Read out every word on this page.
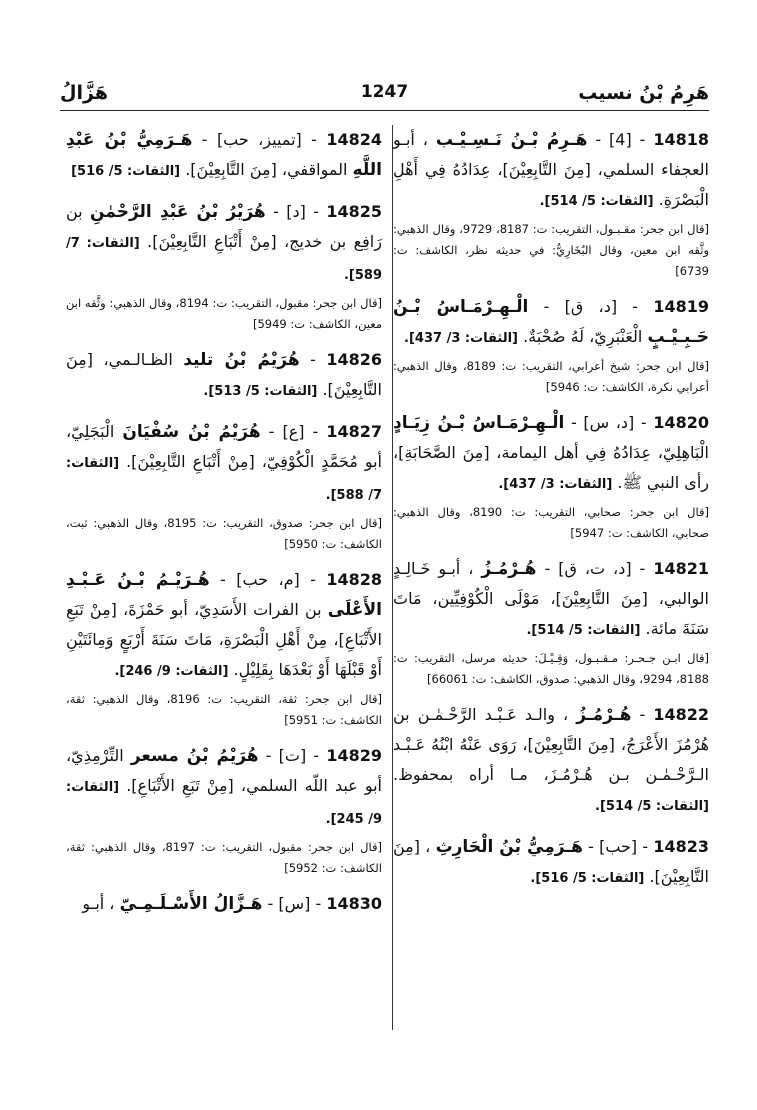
هَرِمُ بْنُ نسيب
1247
هَزَّالُ
14818 - [4] - هَـرِمُ بْـنُ نَـسِـيْـب ، أبـو العجفاء السلمي، [مِنَ التَّابِعِيْنَ]، عِدَادُهُ فِي أَهْلِ الْبَصْرَةِ. [الثقات: 5/ 514].
[قال ابن جحر: مقـبـول، التقريب: ت: 8187، 9729، وقال الذهبي: وثَّقه ابن معين، وقال البُخَارِيُّ: في حديثه نظر، الكاشف: ت: 6739]
14819 - [د، ق] - الْـهِـرْمَـاسُ بْـنُ حَـبِـيْـبٍ الْعَنْبَرِيّ، لَهُ صُحْبَةٌ. [الثقات: 3/ 437].
[قال ابن جحر: شيخ أعرابي، التقريب: ت: 8189، وقال الذهبي: أعرابي نكرة، الكاشف: ت: 5946]
14820 - [د، س] - الْـهِـرْمَـاسُ بْـنُ زِيَـادٍ الْبَاهِلِيّ، عِدَادُهُ فِي أهل اليمامة، [مِنَ الصَّحَابَةِ]، رأى النبي ﷺ. [الثقات: 3/ 437].
[قال ابن جحر: صحابي، التقريب: ت: 8190، وقال الذهبي: صحابي، الكاشف: ت: 5947]
14821 - [د، ت، ق] - هُـرْمُـزُ ، أبـو خَـالِـدٍ الوالبي، [مِنَ التَّابِعِيْنَ]، مَوْلَى الْكُوْفِيِّين، مَاتَ سَنَةَ مائة. [الثقات: 5/ 514].
[قال ابـن جـحـر: مـقـبـول، وَقِـيْـلَ: حديثه مرسل، التقريب: ت: 8188، 9294، وقال الذهبي: صدوق، الكاشف: ت: 66061]
14822 - هُـرْمُـزُ ، والـد عَـبْـد الرَّحْـمٰـن بن هُرْمُزَ الأَعْرَجُ، [مِنَ التَّابِعِيْنَ]، رَوَى عَنْهُ ابْنُهُ عَـبْـد الـرَّحْـمٰـن بـن هُـرْمُـزَ، مـا أراه بمحفوظ. [الثقات: 5/ 514].
14823 - [حب] - هَـرَمِيُّ بْنُ الْحَارِثِ ، [مِنَ التَّابِعِيْنَ]. [الثقات: 5/ 516].
14824 - [تمييز، حب] - هَـرَمِيُّ بْنُ عَبْدِ اللَّهِ المواقفي، [مِنَ التَّابِعِيْنَ]. [الثقات: 5/ 516]
14825 - [د] - هُرَيْرُ بْنُ عَبْدِ الرَّحْمٰنِ بن رَافِع بن خديج، [مِنْ أَتْبَاعِ التَّابِعِيْنَ]. [الثقات: 7/ 589].
[قال ابن جحر: مقبول، التقريب: ت: 8194، وقال الذهبي: وثَّقه ابن معين، الكاشف: ت: 5949]
14826 - هُرَيْمُ بْنُ تليد الظـالـمي، [مِنَ التَّابِعِيْنَ]. [الثقات: 5/ 513].
14827 - [ع] - هُرَيْمُ بْنُ سُفْيَانَ الْبَجَلِيّ، أبو مُحَمَّدٍ الْكُوْفِيّ، [مِنْ أَتْبَاعِ التَّابِعِيْنَ]. [الثقات: 7/ 588].
[قال ابن جحر: صدوق، التقريب: ت: 8195، وقال الذهبي: ثبت، الكاشف: ت: 5950]
14828 - [م، حب] - هُـرَيْـمُ بْـنُ عَـبْـدِ الأَعْلَى بن الفرات الأَسَدِيّ، أبو حَمْزَةَ، [مِنْ تَبَعِ الأَتْبَاعِ]، مِنْ أَهْلِ الْبَصْرَةِ، مَاتَ سَنَةَ أَرْبَعٍ وَمِائَتَيْنِ أَوْ قَبْلَهَا أَوْ بَعْدَهَا بِقَلِيْلٍ. [الثقات: 9/ 246].
[قال ابن جحر: ثقة، التقريب: ت: 8196، وقال الذهبي: ثقة، الكاشف: ت: 5951]
14829 - [ت] - هُرَيْمُ بْنُ مسعر التِّرْمِذِيّ، أبو عبد اللّه السلمي، [مِنْ تَبَعِ الأَتْبَاعِ]. [الثقات: 9/ 245].
[قال ابن جحر: مقبول، التقريب: ت: 8197، وقال الذهبي: ثقة، الكاشف: ت: 5952]
14830 - [س] - هَـزَّالُ الأَسْـلَـمِـيّ ، أبـو
